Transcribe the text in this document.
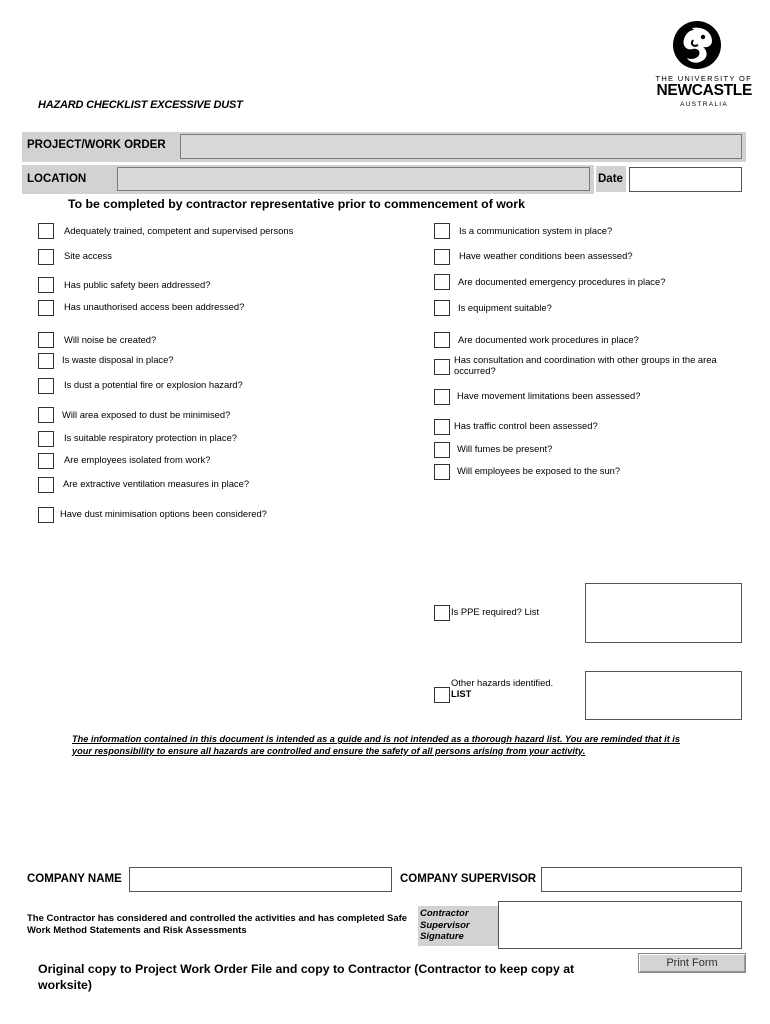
HAZARD CHECKLIST EXCESSIVE DUST
THE UNIVERSITY OF
NEWCASTLE
AUSTRALIA
PROJECT/WORK ORDER
LOCATION	Date
To be completed by contractor representative prior to commencement of work
Adequately trained, competent and supervised persons
Site access
Has public safety been addressed?
Has unauthorised access been addressed?
Will noise be created?
Is waste disposal in place?
Is dust a potential fire or explosion hazard?
Will area exposed to dust be minimised?
Is suitable respiratory protection in place?
Are employees isolated from work?
Are extractive ventilation measures in place?
Have dust minimisation options been considered?
Is a communication system in place?
Have weather conditions been assessed?
Are documented emergency procedures in place?
Is equipment suitable?
Are documented work procedures in place?
Has consultation and coordination with other groups in the area occurred?
Have movement limitations been assessed?
Has traffic control been assessed?
Will fumes be present?
Will employees be exposed to the sun?
Is PPE required? List
Other hazards identified.
LIST
The information contained in this document is intended as a guide and is not intended as a thorough hazard list. You are reminded that it is your responsibility to ensure all hazards are controlled and ensure the safety of all persons arising from your activity.
COMPANY NAME	COMPANY SUPERVISOR
The Contractor has considered and controlled the activities and has completed Safe Work Method Statements and Risk Assessments
Contractor
Supervisor
Signature
Original copy to Project Work Order File and copy to Contractor (Contractor to keep copy at worksite)
Print Form
